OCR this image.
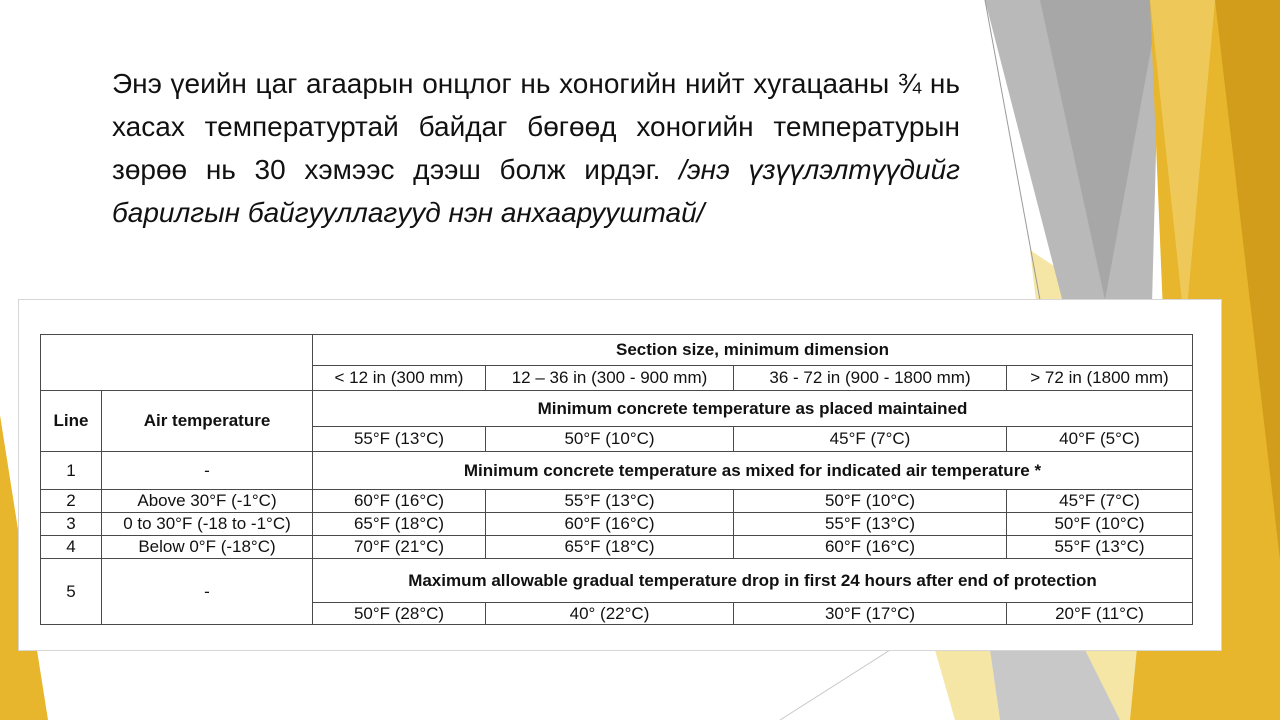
Энэ үеийн цаг агаарын онцлог нь хоногийн нийт хугацааны ¾ нь хасах температуртай байдаг бөгөөд хоногийн температурын зөрөө нь 30 хэмээс дээш болж ирдэг. /энэ үзүүлэлтүүдийг барилгын байгууллагууд нэн анхаарууштай/
		Section size, minimum dimension			
		< 12 in (300 mm)	12 – 36 in (300 - 900 mm)	36 - 72 in (900 - 1800 mm)	> 72 in (1800 mm)
Line	Air temperature	Minimum concrete temperature as placed maintained			
		55°F (13°C)	50°F (10°C)	45°F (7°C)	40°F (5°C)
1	-	Minimum concrete temperature as mixed for indicated air temperature *			
2	Above 30°F (-1°C)	60°F (16°C)	55°F (13°C)	50°F (10°C)	45°F (7°C)
3	0 to 30°F (-18 to -1°C)	65°F (18°C)	60°F (16°C)	55°F (13°C)	50°F (10°C)
4	Below 0°F (-18°C)	70°F (21°C)	65°F (18°C)	60°F (16°C)	55°F (13°C)
5	-	Maximum allowable gradual temperature drop in first 24 hours after end of protection			
		50°F (28°C)	40° (22°C)	30°F (17°C)	20°F (11°C)
